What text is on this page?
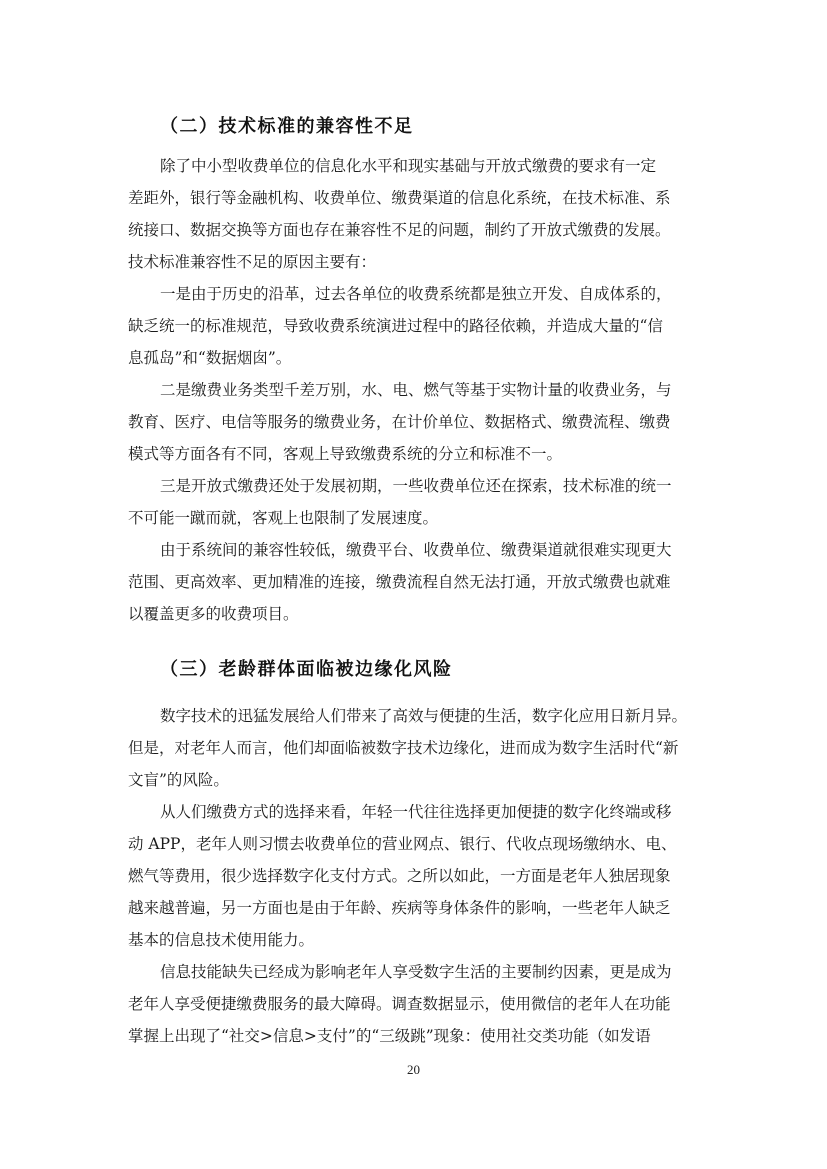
（二）技术标准的兼容性不足
除了中小型收费单位的信息化水平和现实基础与开放式缴费的要求有一定
差距外，银行等金融机构、收费单位、缴费渠道的信息化系统，在技术标准、系
统接口、数据交换等方面也存在兼容性不足的问题，制约了开放式缴费的发展。
技术标准兼容性不足的原因主要有：
一是由于历史的沿革，过去各单位的收费系统都是独立开发、自成体系的，
缺乏统一的标准规范，导致收费系统演进过程中的路径依赖，并造成大量的“信
息孤岛”和“数据烟囱”。
二是缴费业务类型千差万别，水、电、燃气等基于实物计量的收费业务，与
教育、医疗、电信等服务的缴费业务，在计价单位、数据格式、缴费流程、缴费
模式等方面各有不同，客观上导致缴费系统的分立和标准不一。
三是开放式缴费还处于发展初期，一些收费单位还在探索，技术标准的统一
不可能一蹴而就，客观上也限制了发展速度。
由于系统间的兼容性较低，缴费平台、收费单位、缴费渠道就很难实现更大
范围、更高效率、更加精准的连接，缴费流程自然无法打通，开放式缴费也就难
以覆盖更多的收费项目。
（三）老龄群体面临被边缘化风险
数字技术的迅猛发展给人们带来了高效与便捷的生活，数字化应用日新月异。
但是，对老年人而言，他们却面临被数字技术边缘化，进而成为数字生活时代“新
文盲”的风险。
从人们缴费方式的选择来看，年轻一代往往选择更加便捷的数字化终端或移
动 APP，老年人则习惯去收费单位的营业网点、银行、代收点现场缴纳水、电、
燃气等费用，很少选择数字化支付方式。之所以如此，一方面是老年人独居现象
越来越普遍，另一方面也是由于年龄、疾病等身体条件的影响，一些老年人缺乏
基本的信息技术使用能力。
信息技能缺失已经成为影响老年人享受数字生活的主要制约因素，更是成为
老年人享受便捷缴费服务的最大障碍。调查数据显示，使用微信的老年人在功能
掌握上出现了“社交>信息>支付”的“三级跳”现象：使用社交类功能（如发语
20
